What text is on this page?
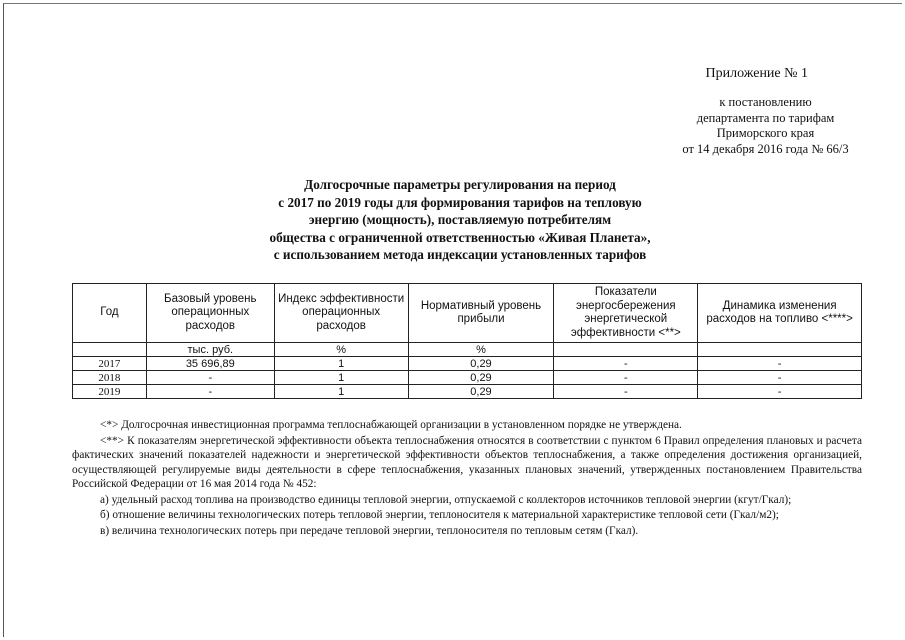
Приложение № 1
к постановлению
департамента по тарифам
Приморского края
от 14 декабря 2016 года № 66/3
Долгосрочные параметры регулирования на период
с 2017 по 2019 годы для формирования тарифов на тепловую
энергию (мощность), поставляемую потребителям
общества с ограниченной ответственностью «Живая Планета»,
с использованием метода индексации установленных тарифов
Год	Базовый уровень операционных расходов	Индекс эффективности операционных расходов	Нормативный уровень прибыли	Показатели энергосбережения энергетической эффективности <**>	Динамика изменения расходов на топливо <****>
	тыс. руб.	%	%		
2017	35 696,89	1	0,29	-	-
2018	-	1	0,29	-	-
2019	-	1	0,29	-	-

<*> Долгосрочная инвестиционная программа теплоснабжающей организации в установленном порядке не утверждена.

<**> К показателям энергетической эффективности объекта теплоснабжения относятся в соответствии с пунктом 6 Правил определения плановых и расчета фактических значений показателей надежности и энергетической эффективности объектов теплоснабжения, а также определения достижения организацией, осуществляющей регулируемые виды деятельности в сфере теплоснабжения, указанных плановых значений, утвержденных постановлением Правительства Российской Федерации от 16 мая 2014 года № 452:

а) удельный расход топлива на производство единицы тепловой энергии, отпускаемой с коллекторов источников тепловой энергии (кгут/Гкал);

б) отношение величины технологических потерь тепловой энергии, теплоносителя к материальной характеристике тепловой сети (Гкал/м2);

в) величина технологических потерь при передаче тепловой энергии, теплоносителя по тепловым сетям (Гкал).
